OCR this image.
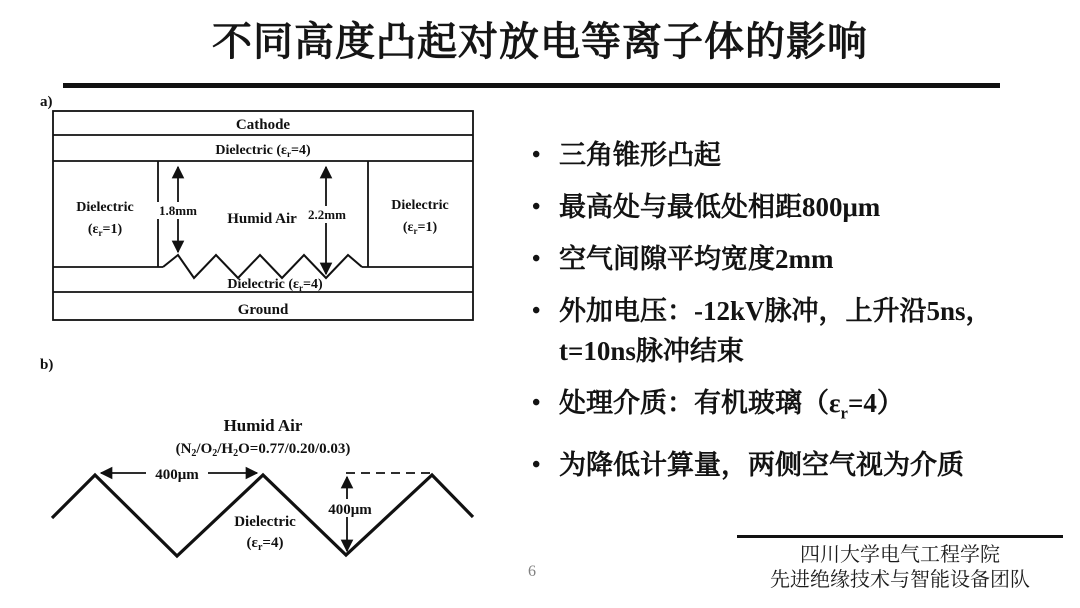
不同高度凸起对放电等离子体的影响
a)
Cathode
Dielectric $(\varepsilon_r=4)$
Dielectric
$(\varepsilon_r=1)$
Dielectric
$(\varepsilon_r=1)$
Humid Air
1.8mm	2.2mm
Dielectric $(\varepsilon_r=4)$
Ground
b)
Humid Air
$(N_2/O_2/H_2O=0.77/0.20/0.03)$
400μm
400μm
Dielectric
$(\varepsilon_r=4)$
• 三角锥形凸起
• 最高处与最低处相距800μm
• 空气间隙平均宽度2mm
• 外加电压：-12kV脉冲，上升沿5ns，
t=10ns脉冲结束
• 处理介质：有机玻璃$(\varepsilon_r=4)$
• 为降低计算量，两侧空气视为介质
6
四川大学电气工程学院
先进绝缘技术与智能设备团队
